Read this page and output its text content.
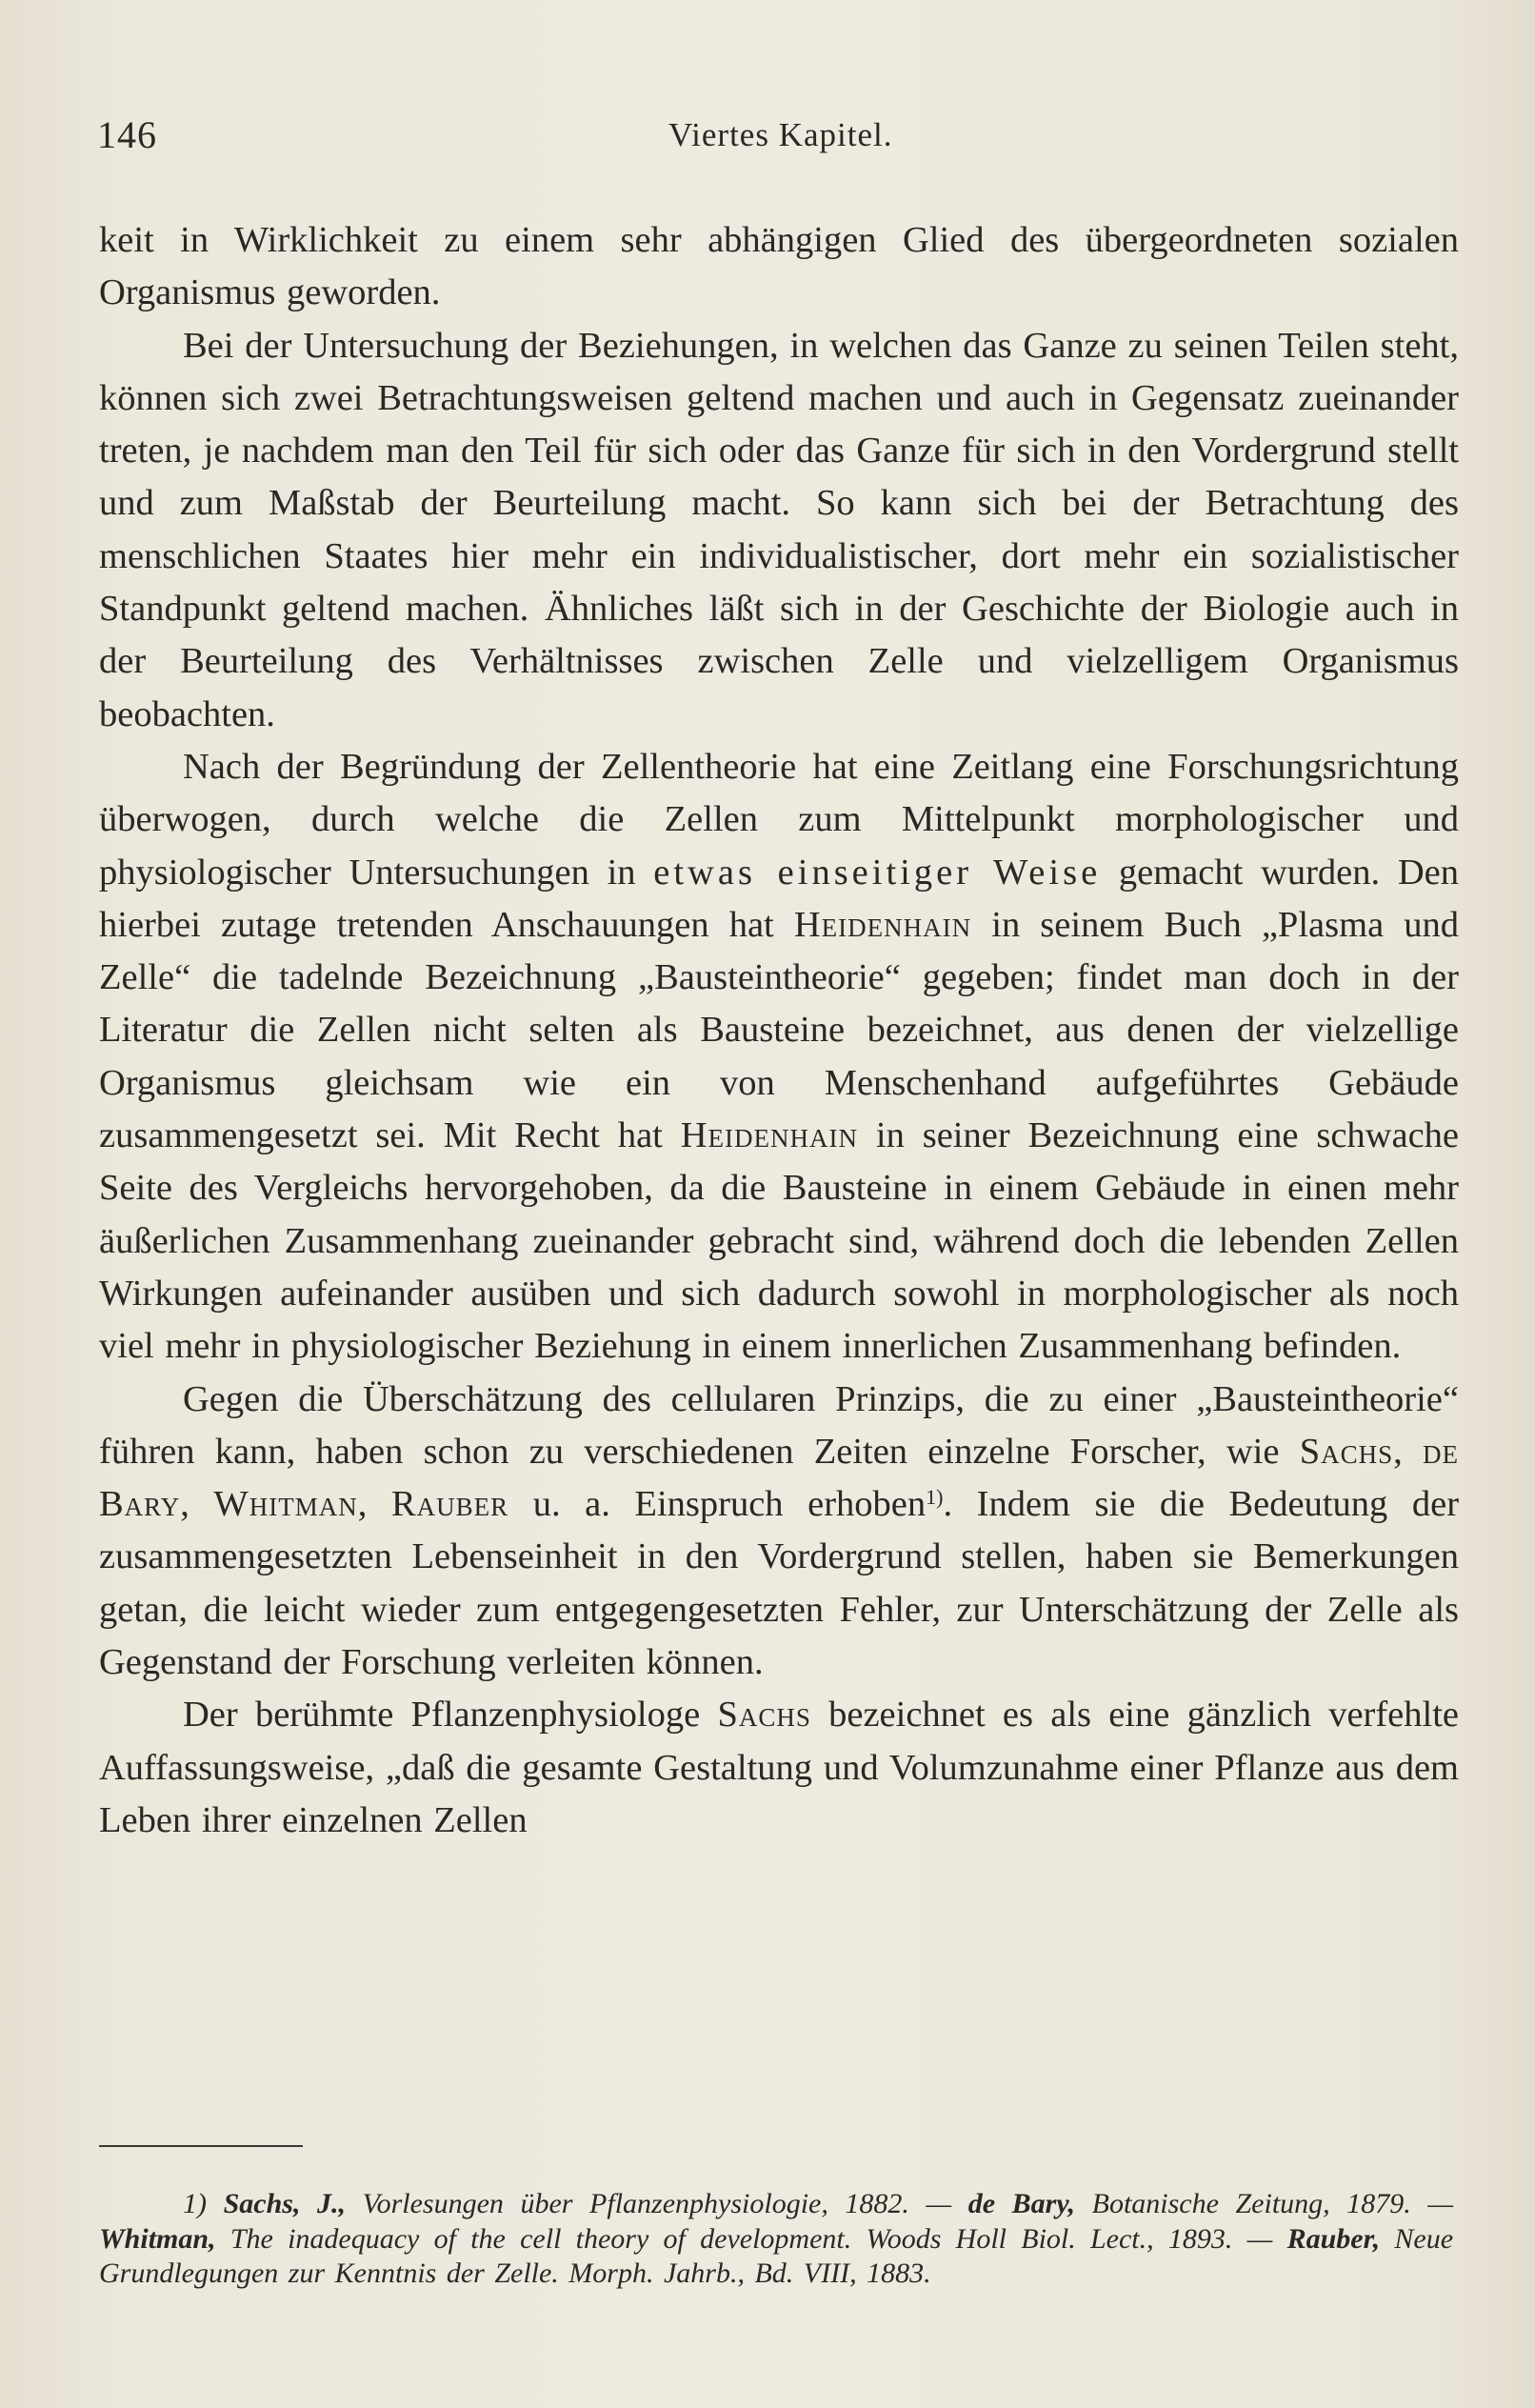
146	Viertes Kapitel.

keit in Wirklichkeit zu einem sehr abhängigen Glied des übergeordneten sozialen Organismus geworden.

Bei der Untersuchung der Beziehungen, in welchen das Ganze zu seinen Teilen steht, können sich zwei Betrachtungsweisen geltend machen und auch in Gegensatz zueinander treten, je nachdem man den Teil für sich oder das Ganze für sich in den Vordergrund stellt und zum Maßstab der Beurteilung macht. So kann sich bei der Betrachtung des menschlichen Staates hier mehr ein individualistischer, dort mehr ein sozialistischer Standpunkt geltend machen. Ähnliches läßt sich in der Geschichte der Biologie auch in der Beurteilung des Verhältnisses zwischen Zelle und vielzelligem Organismus beobachten.

Nach der Begründung der Zellentheorie hat eine Zeitlang eine Forschungsrichtung überwogen, durch welche die Zellen zum Mittelpunkt morphologischer und physiologischer Untersuchungen in etwas einseitiger Weise gemacht wurden. Den hierbei zutage tretenden Anschauungen hat Heidenhain in seinem Buch „Plasma und Zelle“ die tadelnde Bezeichnung „Bausteintheorie“ gegeben; findet man doch in der Literatur die Zellen nicht selten als Bausteine bezeichnet, aus denen der vielzellige Organismus gleichsam wie ein von Menschenhand aufgeführtes Gebäude zusammengesetzt sei. Mit Recht hat Heidenhain in seiner Bezeichnung eine schwache Seite des Vergleichs hervorgehoben, da die Bausteine in einem Gebäude in einen mehr äußerlichen Zusammenhang zueinander gebracht sind, während doch die lebenden Zellen Wirkungen aufeinander ausüben und sich dadurch sowohl in morphologischer als noch viel mehr in physiologischer Beziehung in einem innerlichen Zusammenhang befinden.

Gegen die Überschätzung des cellularen Prinzips, die zu einer „Bausteintheorie“ führen kann, haben schon zu verschiedenen Zeiten einzelne Forscher, wie Sachs, de Bary, Whitman, Rauber u. a. Einspruch erhoben$^{1)}$. Indem sie die Bedeutung der zusammengesetzten Lebenseinheit in den Vordergrund stellen, haben sie Bemerkungen getan, die leicht wieder zum entgegengesetzten Fehler, zur Unterschätzung der Zelle als Gegenstand der Forschung verleiten können.

Der berühmte Pflanzenphysiologe Sachs bezeichnet es als eine gänzlich verfehlte Auffassungsweise, „daß die gesamte Gestaltung und Volumzunahme einer Pflanze aus dem Leben ihrer einzelnen Zellen

1) Sachs, J., Vorlesungen über Pflanzenphysiologie, 1882. — de Bary, Botanische Zeitung, 1879. — Whitman, The inadequacy of the cell theory of development. Woods Holl Biol. Lect., 1893. — Rauber, Neue Grundlegungen zur Kenntnis der Zelle. Morph. Jahrb., Bd. VIII, 1883.
